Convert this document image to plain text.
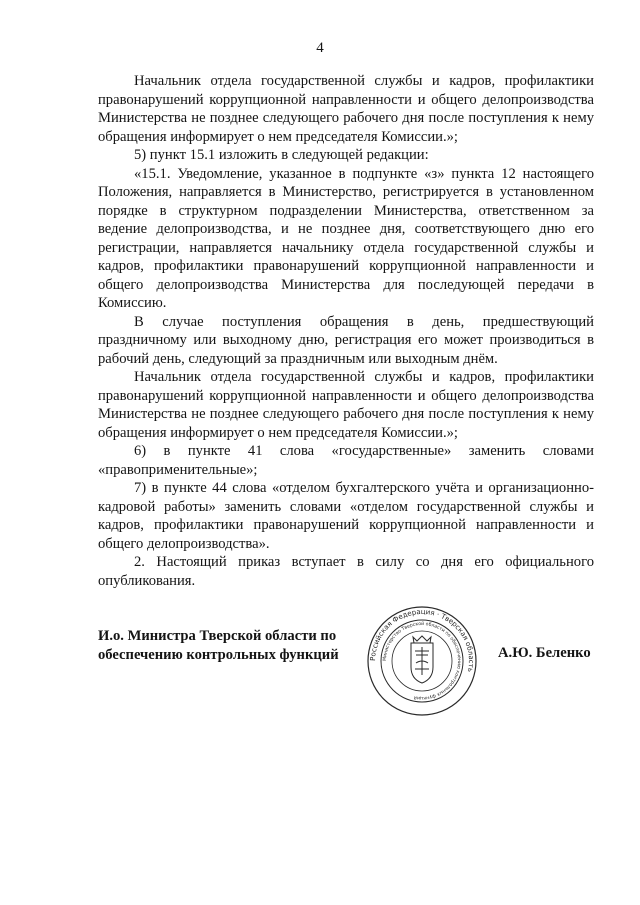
4

Начальник отдела государственной службы и кадров, профилактики правонарушений коррупционной направленности и общего делопроизводства Министерства не позднее следующего рабочего дня после поступления к нему обращения информирует о нем председателя Комиссии.»;

5) пункт 15.1 изложить в следующей редакции:

«15.1. Уведомление, указанное в подпункте «з» пункта 12 настоящего Положения, направляется в Министерство, регистрируется в установленном порядке в структурном подразделении Министерства, ответственном за ведение делопроизводства, и не позднее дня, соответствующего дню его регистрации, направляется начальнику отдела государственной службы и кадров, профилактики правонарушений коррупционной направленности и общего делопроизводства Министерства для последующей передачи в Комиссию.

В случае поступления обращения в день, предшествующий праздничному или выходному дню, регистрация его может производиться в рабочий день, следующий за праздничным или выходным днём.

Начальник отдела государственной службы и кадров, профилактики правонарушений коррупционной направленности и общего делопроизводства Министерства не позднее следующего рабочего дня после поступления к нему обращения информирует о нем председателя Комиссии.»;

6) в пункте 41 слова «государственные» заменить словами «правоприменительные»;

7) в пункте 44 слова «отделом бухгалтерского учёта и организационно-кадровой работы» заменить словами «отделом государственной службы и кадров, профилактики правонарушений коррупционной направленности и общего делопроизводства».

2. Настоящий приказ вступает в силу со дня его официального опубликования.

И.о. Министра Тверской области по
обеспечению контрольных функций	Российская Федерация · Тверская область
Министерство Тверской области по обеспечению контрольных функций
А.Ю. Беленко
